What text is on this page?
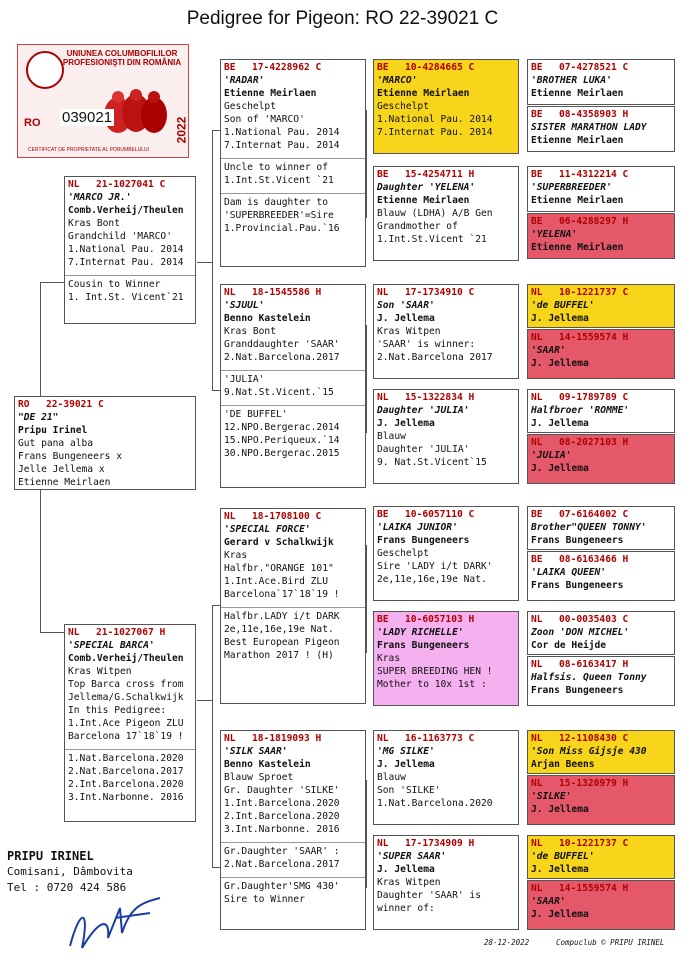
Pedigree for Pigeon: RO 22-39021 C
UNIUNEA COLUMBOFILILOR PROFESIONIŞTI DIN ROMÂNIA
RO 039021	2022
CERTIFICAT DE PROPRIETATE AL PORUMBELULUI
RO	22-39021 C
"DE 21"
Pripu Irinel
Gut pana alba
Frans Bungeneers x
Jelle Jellema x
Etienne Meirlaen
NL	21-1027041 C
'MARCO JR.'
Comb.Verheij/Theulen
Kras Bont
Grandchild 'MARCO'
1.National Pau. 2014
7.Internat Pau. 2014
Cousin to Winner
1. Int.St. Vicent`21
NL	21-1027067 H
'SPECIAL BARCA'
Comb.Verheij/Theulen
Kras Witpen
Top Barca cross from
Jellema/G.Schalkwijk
In this Pedigree:
1.Int.Ace Pigeon ZLU
Barcelona 17`18`19 !
1.Nat.Barcelona.2020
2.Nat.Barcelona.2017
2.Int.Barcelona.2020
3.Int.Narbonne. 2016
BE	17-4228962 C
'RADAR'
Etienne Meirlaen
Geschelpt
Son of 'MARCO'
1.National Pau. 2014
7.Internat Pau. 2014
Uncle to winner of
1.Int.St.Vicent `21
Dam is daughter to
'SUPERBREEDER'=Sire
1.Provincial.Pau.`16
NL	18-1545586 H
'SJUUL'
Benno Kastelein
Kras Bont
Granddaughter 'SAAR'
2.Nat.Barcelona.2017
'JULIA'
9.Nat.St.Vicent.`15
'DE BUFFEL'
12.NPO.Bergerac.2014
15.NPO.Periqueux.`14
30.NPO.Bergerac.2015
NL	18-1708100 C
'SPECIAL FORCE'
Gerard v Schalkwijk
Kras
Halfbr."ORANGE 101"
1.Int.Ace.Bird ZLU
Barcelona`17`18`19 !
Halfbr.LADY i/t DARK
2e,11e,16e,19e Nat.
Best European Pigeon
Marathon 2017 ! (H)
NL	18-1819093 H
'SILK SAAR'
Benno Kastelein
Blauw Sproet
Gr. Daughter 'SILKE'
1.Int.Barcelona.2020
2.Int.Barcelona.2020
3.Int.Narbonne. 2016
Gr.Daughter 'SAAR' :
2.Nat.Barcelona.2017
Gr.Daughter'SMG 430'
Sire to Winner
BE	10-4284665 C
'MARCO'
Etienne Meirlaen
Geschelpt
1.National Pau. 2014
7.Internat Pau. 2014
BE	15-4254711 H
Daughter 'YELENA'
Etienne Meirlaen
Blauw (LDHA) A/B Gen
Grandmother of
1.Int.St.Vicent `21
NL	17-1734910 C
Son 'SAAR'
J. Jellema
Kras Witpen
'SAAR' is winner:
2.Nat.Barcelona 2017
NL	15-1322834 H
Daughter 'JULIA'
J. Jellema
Blauw
Daughter 'JULIA'
9. Nat.St.Vicent`15
BE	10-6057110 C
'LAIKA JUNIOR'
Frans Bungeneers
Geschelpt
Sire 'LADY i/t DARK'
2e,11e,16e,19e Nat.
BE	10-6057103 H
'LADY RICHELLE'
Frans Bungeneers
Kras
SUPER BREEDING HEN !
Mother to 10x 1st :
NL	16-1163773 C
'MG SILKE'
J. Jellema
Blauw
Son 'SILKE'
1.Nat.Barcelona.2020
NL	17-1734909 H
'SUPER SAAR'
J. Jellema
Kras Witpen
Daughter 'SAAR' is
winner of:
BE	07-4278521 C
'BROTHER LUKA'
Etienne Meirlaen
BE	08-4358903 H
SISTER MARATHON LADY
Etienne Meirlaen
BE	11-4312214 C
'SUPERBREEDER'
Etienne Meirlaen
BE	06-4288297 H
'YELENA'
Etienne Meirlaen
NL	10-1221737 C
'de BUFFEL'
J. Jellema
NL	14-1559574 H
'SAAR'
J. Jellema
NL	09-1789789 C
Halfbroer 'ROMME'
J. Jellema
NL	08-2027103 H
'JULIA'
J. Jellema
BE	07-6164002 C
Brother"QUEEN TONNY'
Frans Bungeneers
BE	08-6163466 H
'LAIKA QUEEN'
Frans Bungeneers
NL	00-0035403 C
Zoon 'DON MICHEL'
Cor de Heijde
NL	08-6163417 H
Halfsis. Queen Tonny
Frans Bungeneers
NL	12-1108430 C
'Son Miss Gijsje 430
Arjan Beens
NL	15-1320979 H
'SILKE'
J. Jellema
NL	10-1221737 C
'de BUFFEL'
J. Jellema
NL	14-1559574 H
'SAAR'
J. Jellema
PRIPU IRINEL
Comisani, Dâmbovita
Tel : 0720 424 586
28-12-2022	Compuclub © PRIPU IRINEL
